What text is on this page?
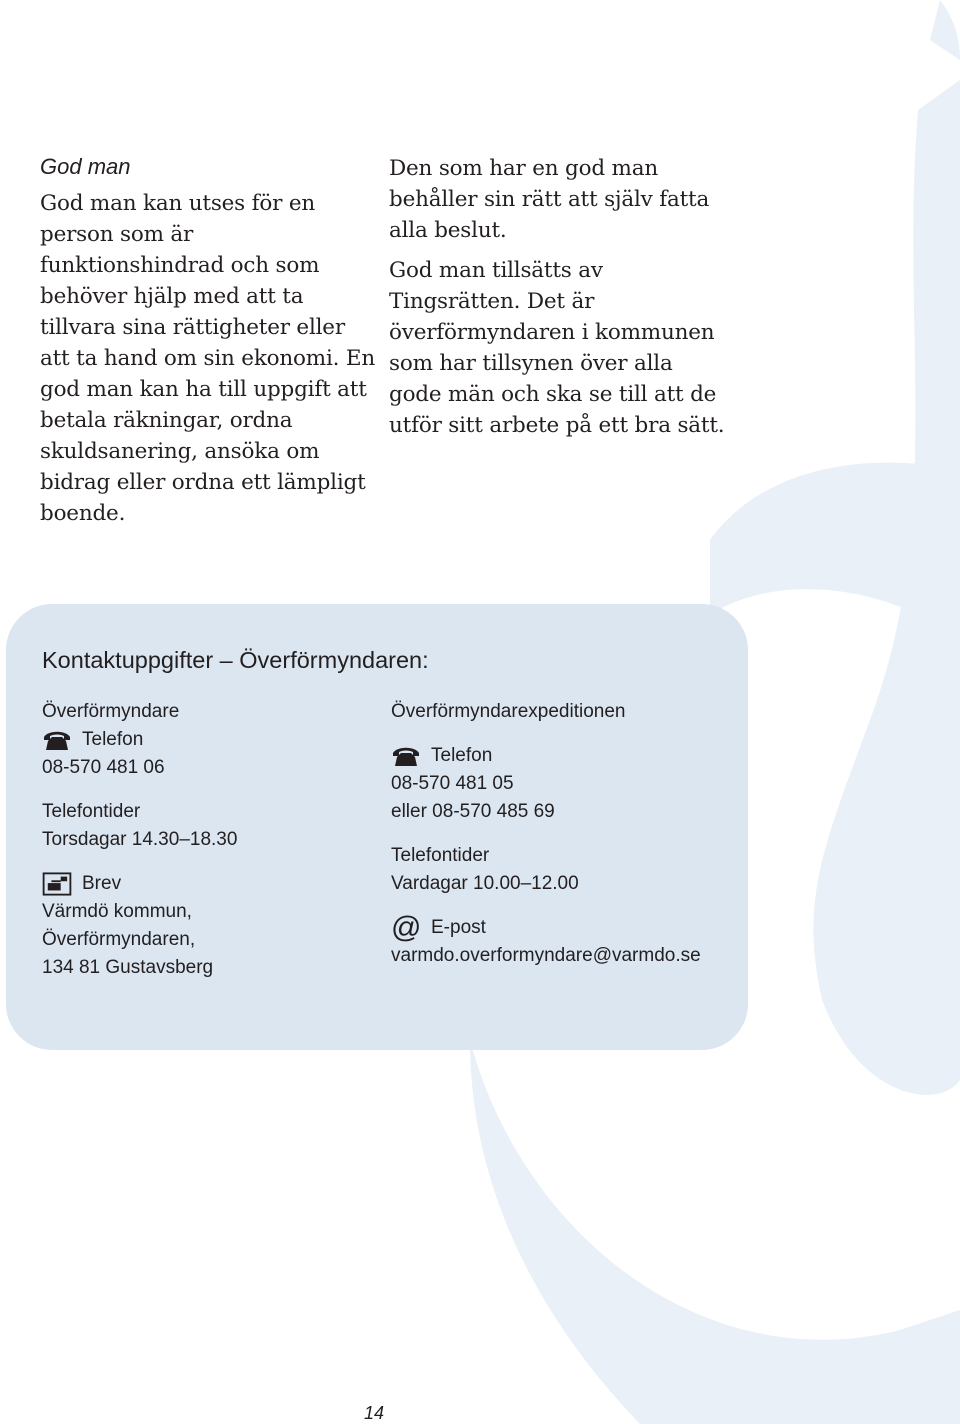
God man

God man kan utses för en person som är funktionshindrad och som behöver hjälp med att ta tillvara sina rättigheter eller att ta hand om sin ekonomi. En god man kan ha till uppgift att betala räkningar, ordna skuldsanering, ansöka om bidrag eller ordna ett lämpligt boende.

Den som har en god man behåller sin rätt att själv fatta alla beslut.

God man tillsätts av Tingsrätten. Det är överförmyndaren i kommunen som har tillsynen över alla gode män och ska se till att de utför sitt arbete på ett bra sätt.

Kontaktuppgifter – Överförmyndaren:
Överförmyndare
Telefon
08-570 481 06
Telefontider
Torsdagar 14.30–18.30
Brev
Värmdö kommun,
Överförmyndaren,
134 81 Gustavsberg
Överförmyndarexpeditionen
Telefon
08-570 481 05
eller 08-570 485 69
Telefontider
Vardagar 10.00–12.00
@ E-post
varmdo.overformyndare@varmdo.se
14
